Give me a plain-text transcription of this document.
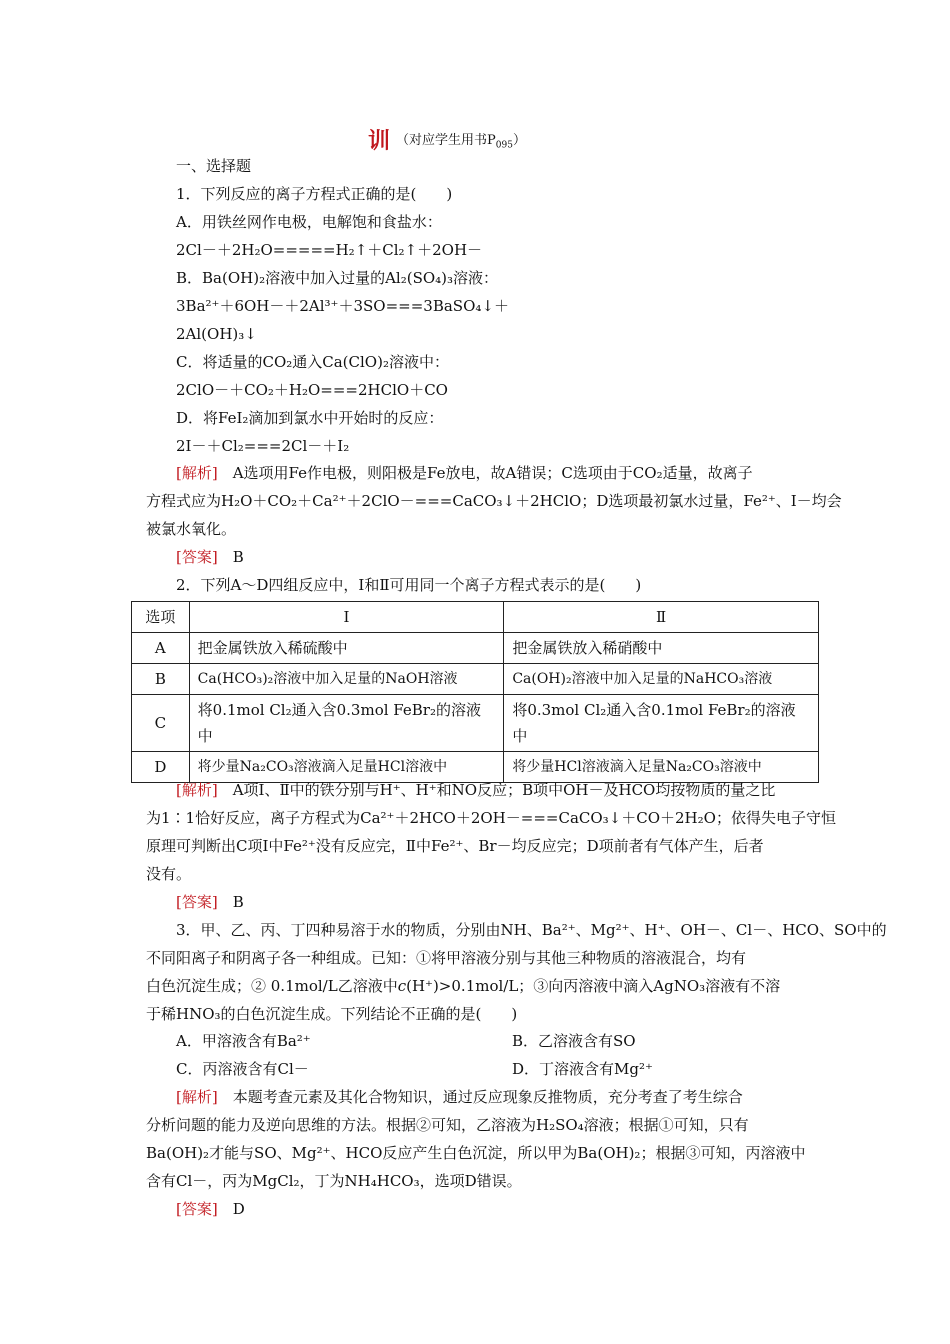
训 （对应学生用书$P_{095}$）
一、选择题
1．下列反应的离子方程式正确的是(　　)
A．用铁丝网作电极，电解饱和食盐水：
2Cl－＋2H₂O=====H₂↑＋Cl₂↑＋2OH－
B．Ba(OH)₂溶液中加入过量的Al₂(SO₄)₃溶液：
3Ba²⁺＋6OH－＋2Al³⁺＋3SO===3BaSO₄↓＋
2Al(OH)₃↓
C．将适量的CO₂通入Ca(ClO)₂溶液中：
2ClO－＋CO₂＋H₂O===2HClO＋CO
D．将FeI₂滴加到氯水中开始时的反应：
2I－＋Cl₂===2Cl－＋I₂
[解析]　A选项用Fe作电极，则阳极是Fe放电，故A错误；C选项由于CO₂适量，故离子
方程式应为H₂O＋CO₂＋Ca²⁺＋2ClO－===CaCO₃↓＋2HClO；D选项最初氯水过量，Fe²⁺、I－均会
被氯水氧化。
[答案]　B
2．下列A～D四组反应中，Ⅰ和Ⅱ可用同一个离子方程式表示的是(　　)
选项	Ⅰ	Ⅱ
A	把金属铁放入稀硫酸中	把金属铁放入稀硝酸中
B	Ca(HCO₃)₂溶液中加入足量的NaOH溶液	Ca(OH)₂溶液中加入足量的NaHCO₃溶液
C	将0.1mol Cl₂通入含0.3mol FeBr₂的溶液中	将0.3mol Cl₂通入含0.1mol FeBr₂的溶液中
D	将少量Na₂CO₃溶液滴入足量HCl溶液中	将少量HCl溶液滴入足量Na₂CO₃溶液中
[解析]　A项Ⅰ、Ⅱ中的铁分别与H⁺、H⁺和NO反应；B项中OH－及HCO均按物质的量之比
为1∶1恰好反应，离子方程式为Ca²⁺＋2HCO＋2OH－===CaCO₃↓＋CO＋2H₂O；依得失电子守恒
原理可判断出C项Ⅰ中Fe²⁺没有反应完，Ⅱ中Fe²⁺、Br－均反应完；D项前者有气体产生，后者
没有。
[答案]　B
3．甲、乙、丙、丁四种易溶于水的物质，分别由NH、Ba²⁺、Mg²⁺、H⁺、OH－、Cl－、HCO、SO中的
不同阳离子和阴离子各一种组成。已知：①将甲溶液分别与其他三种物质的溶液混合，均有
白色沉淀生成；② 0.1mol/L乙溶液中c(H⁺)>0.1mol/L；③向丙溶液中滴入AgNO₃溶液有不溶
于稀HNO₃的白色沉淀生成。下列结论不正确的是(　　)
A．甲溶液含有Ba²⁺	B．乙溶液含有SO
C．丙溶液含有Cl－	D．丁溶液含有Mg²⁺
[解析]　本题考查元素及其化合物知识，通过反应现象反推物质，充分考查了考生综合
分析问题的能力及逆向思维的方法。根据②可知，乙溶液为H₂SO₄溶液；根据①可知，只有
Ba(OH)₂才能与SO、Mg²⁺、HCO反应产生白色沉淀，所以甲为Ba(OH)₂；根据③可知，丙溶液中
含有Cl－，丙为MgCl₂，丁为NH₄HCO₃，选项D错误。
[答案]　D
